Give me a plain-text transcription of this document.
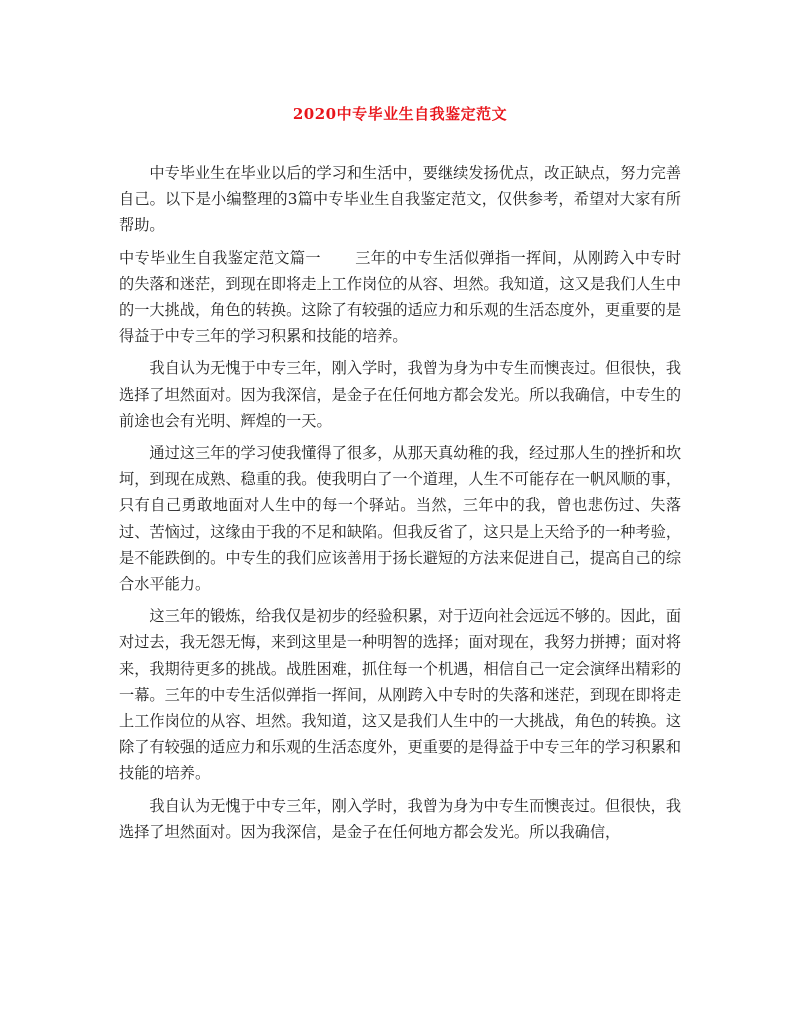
2020中专毕业生自我鉴定范文

中专毕业生在毕业以后的学习和生活中，要继续发扬优点，改正缺点，努力完善自己。以下是小编整理的3篇中专毕业生自我鉴定范文，仅供参考，希望对大家有所帮助。

中专毕业生自我鉴定范文篇一 三年的中专生活似弹指一挥间，从刚跨入中专时的失落和迷茫，到现在即将走上工作岗位的从容、坦然。我知道，这又是我们人生中的一大挑战，角色的转换。这除了有较强的适应力和乐观的生活态度外，更重要的是得益于中专三年的学习积累和技能的培养。

我自认为无愧于中专三年，刚入学时，我曾为身为中专生而懊丧过。但很快，我选择了坦然面对。因为我深信，是金子在任何地方都会发光。所以我确信，中专生的前途也会有光明、辉煌的一天。

通过这三年的学习使我懂得了很多，从那天真幼稚的我，经过那人生的挫折和坎坷，到现在成熟、稳重的我。使我明白了一个道理，人生不可能存在一帆风顺的事，只有自己勇敢地面对人生中的每一个驿站。当然，三年中的我，曾也悲伤过、失落过、苦恼过，这缘由于我的不足和缺陷。但我反省了，这只是上天给予的一种考验，是不能跌倒的。中专生的我们应该善用于扬长避短的方法来促进自己，提高自己的综合水平能力。

这三年的锻炼，给我仅是初步的经验积累，对于迈向社会远远不够的。因此，面对过去，我无怨无悔，来到这里是一种明智的选择；面对现在，我努力拼搏；面对将来，我期待更多的挑战。战胜困难，抓住每一个机遇，相信自己一定会演绎出精彩的一幕。三年的中专生活似弹指一挥间，从刚跨入中专时的失落和迷茫，到现在即将走上工作岗位的从容、坦然。我知道，这又是我们人生中的一大挑战，角色的转换。这除了有较强的适应力和乐观的生活态度外，更重要的是得益于中专三年的学习积累和技能的培养。

我自认为无愧于中专三年，刚入学时，我曾为身为中专生而懊丧过。但很快，我选择了坦然面对。因为我深信，是金子在任何地方都会发光。所以我确信，
